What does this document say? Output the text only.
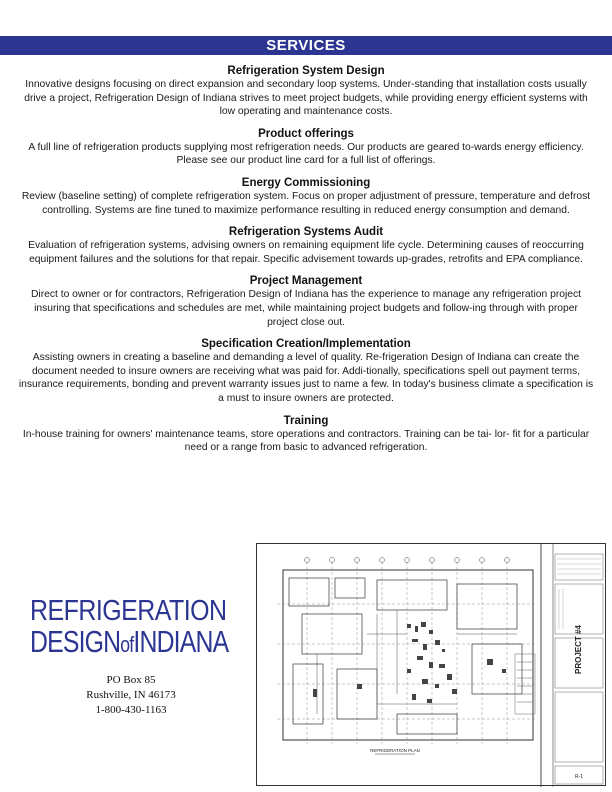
SERVICES
Refrigeration System Design
Innovative designs focusing on direct expansion and secondary loop systems. Under-standing that installation costs usually drive a project, Refrigeration Design of Indiana strives to meet project budgets, while providing energy efficient systems with low operating and maintenance costs.
Product offerings
A full line of refrigeration products supplying most refrigeration needs. Our products are geared to-wards energy efficiency. Please see our product line card for a full list of offerings.
Energy Commissioning
Review (baseline setting) of complete refrigeration system. Focus on proper adjustment of pressure, temperature and defrost controlling. Systems are fine tuned to maximize performance resulting in reduced energy consumption and demand.
Refrigeration Systems Audit
Evaluation of refrigeration systems, advising owners on remaining equipment life cycle. Determining causes of reoccurring equipment failures and the solutions for that repair. Specific advisement towards up-grades, retrofits and EPA compliance.
Project Management
Direct to owner or for contractors, Refrigeration Design of Indiana has the experience to manage any refrigeration project insuring that specifications and schedules are met, while maintaining project budgets and follow-ing through with proper project close out.
Specification Creation/Implementation
Assisting owners in creating a baseline and demanding a level of quality. Re-frigeration Design of Indiana can create the document needed to insure owners are receiving what was paid for. Addi-tionally, specifications spell out payment terms, insurance requirements, bonding and prevent warranty issues just to name a few. In today's business climate a specification is a must to insure owners are protected.
Training
In-house training for owners' maintenance teams, store operations and contractors. Training can be tai- lor- fit for a particular need or a range from basic to advanced refrigeration.
REFRIGERATION
DESIGNofINDIANA
PO Box 85
Rushville, IN 46173
1-800-430-1163
PROJECT #4
R-1
REFRIGERATION PLAN
